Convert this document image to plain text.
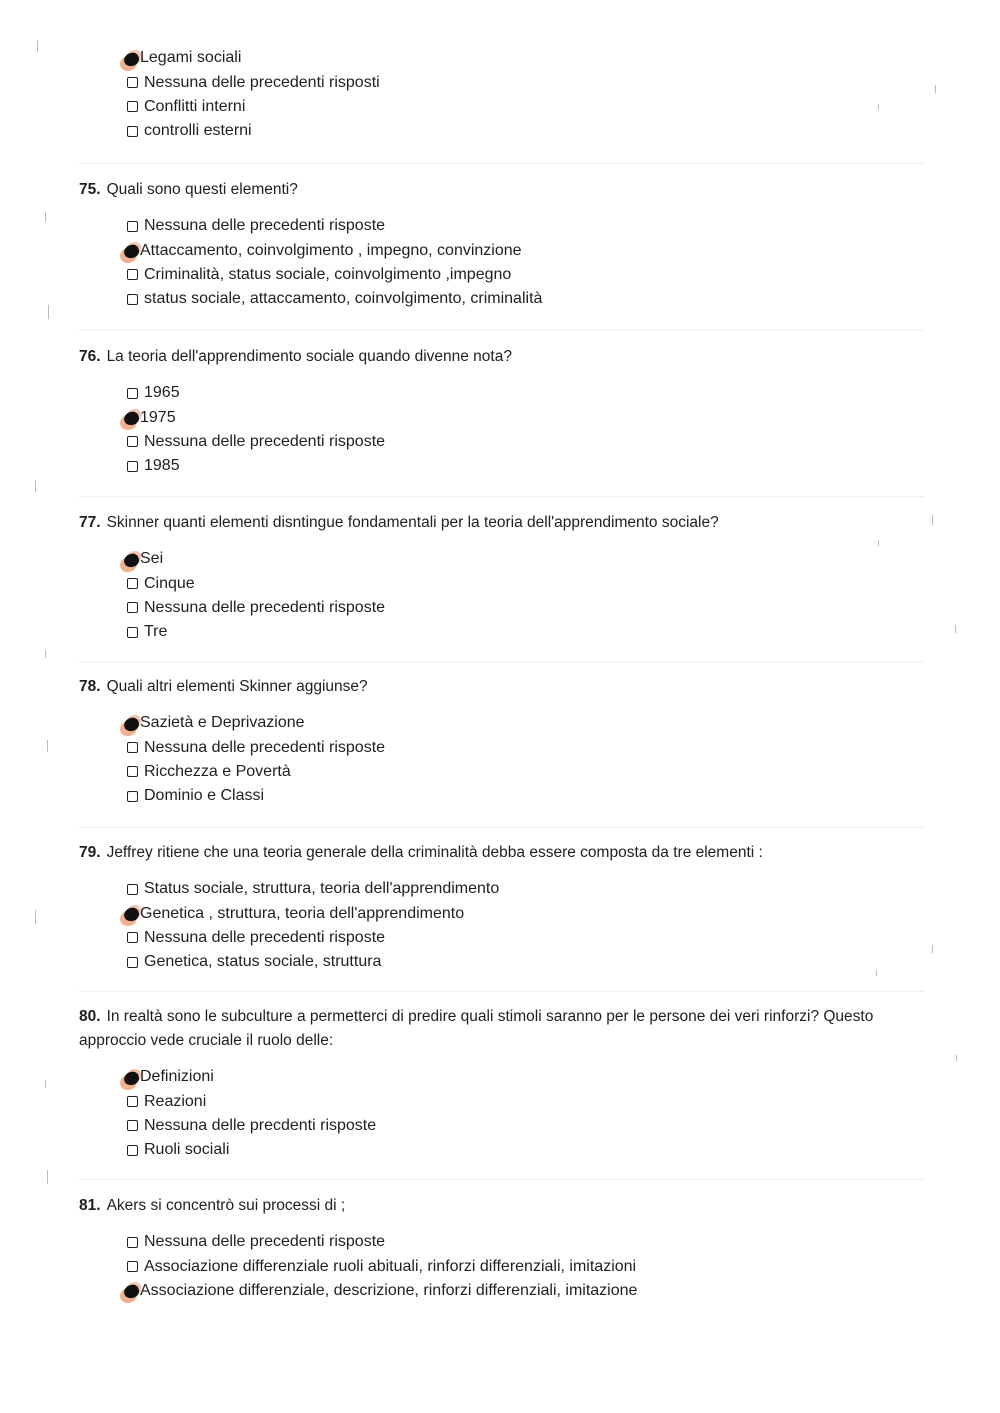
Legami sociali
Nessuna delle precedenti risposti
Conflitti interni
controlli esterni
75. Quali sono questi elementi?
Nessuna delle precedenti risposte
Attaccamento, coinvolgimento , impegno, convinzione
Criminalità, status sociale, coinvolgimento ,impegno
status sociale, attaccamento, coinvolgimento, criminalità
76. La teoria dell'apprendimento sociale quando divenne nota?
1965
1975
Nessuna delle precedenti risposte
1985
77. Skinner quanti elementi disntingue fondamentali per la teoria dell'apprendimento sociale?
Sei
Cinque
Nessuna delle precedenti risposte
Tre
78. Quali altri elementi Skinner aggiunse?
Sazietà e Deprivazione
Nessuna delle precedenti risposte
Ricchezza e Povertà
Dominio e Classi
79. Jeffrey ritiene che una teoria generale della criminalità debba essere composta da tre elementi :
Status sociale, struttura, teoria dell'apprendimento
Genetica , struttura, teoria dell'apprendimento
Nessuna delle precedenti risposte
Genetica, status sociale, struttura
80. In realtà sono le subculture a permetterci di predire quali stimoli saranno per le persone dei veri rinforzi? Questo approccio vede cruciale il ruolo delle:
Definizioni
Reazioni
Nessuna delle precdenti risposte
Ruoli sociali
81. Akers si concentrò sui processi di ;
Nessuna delle precedenti risposte
Associazione differenziale ruoli abituali, rinforzi differenziali, imitazioni
Associazione differenziale, descrizione, rinforzi differenziali, imitazione
